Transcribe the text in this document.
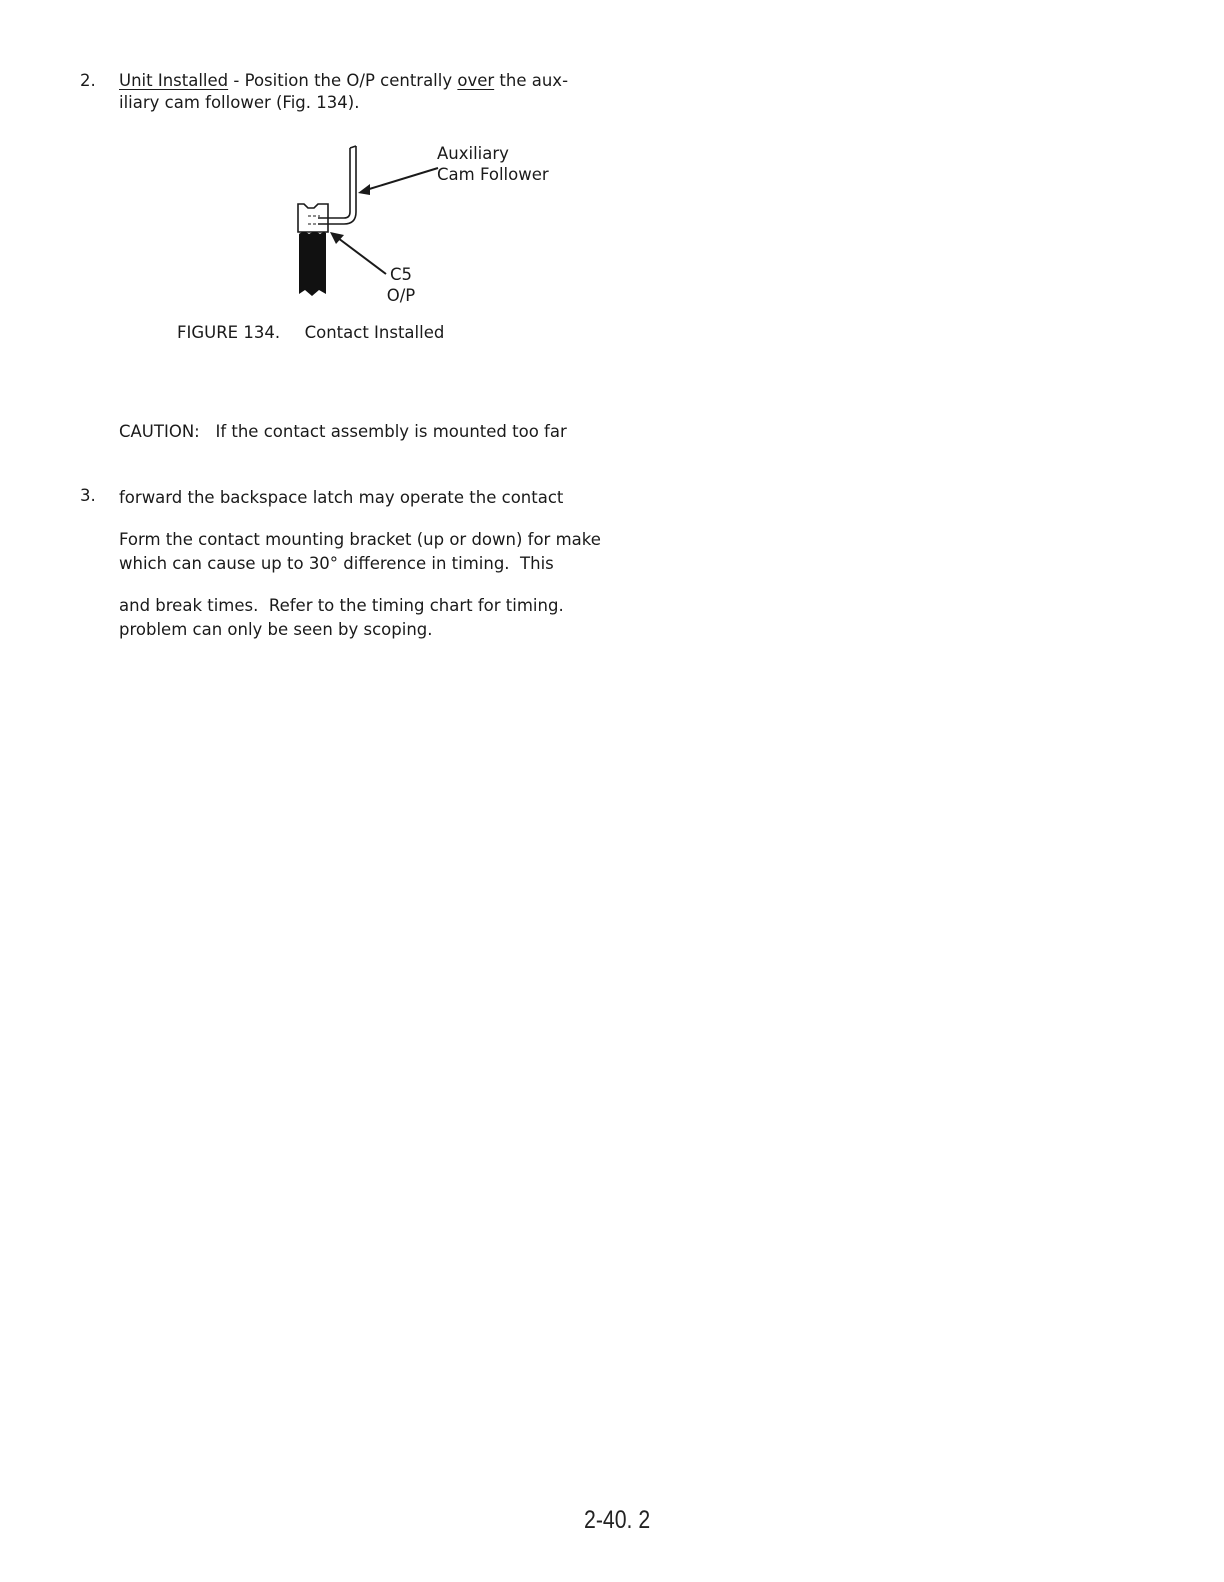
2. Unit Installed - Position the O/P centrally over the aux-
iliary cam follower (Fig. 134).
Auxiliary
Cam Follower
C5
O/P
FIGURE 134. Contact Installed

CAUTION:   If the contact assembly is mounted too far

forward the backspace latch may operate the contact

which can cause up to 30° difference in timing.  This

problem can only be seen by scoping.

3.

Form the contact mounting bracket (up or down) for make

and break times.  Refer to the timing chart for timing.

2-40. 2
